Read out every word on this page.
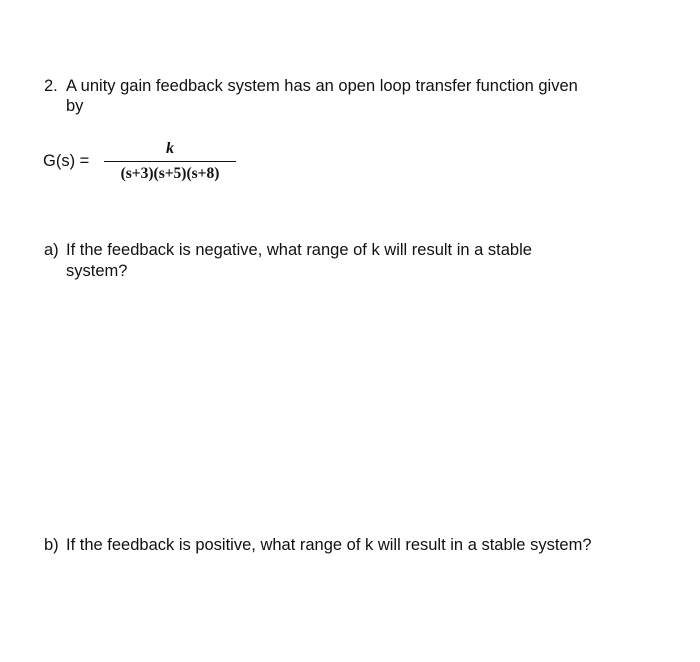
2. A unity gain feedback system has an open loop transfer function given
by
G(s) =
k
(s+3)(s+5)(s+8)
a) If the feedback is negative, what range of k will result in a stable
system?
b) If the feedback is positive, what range of k will result in a stable system?
